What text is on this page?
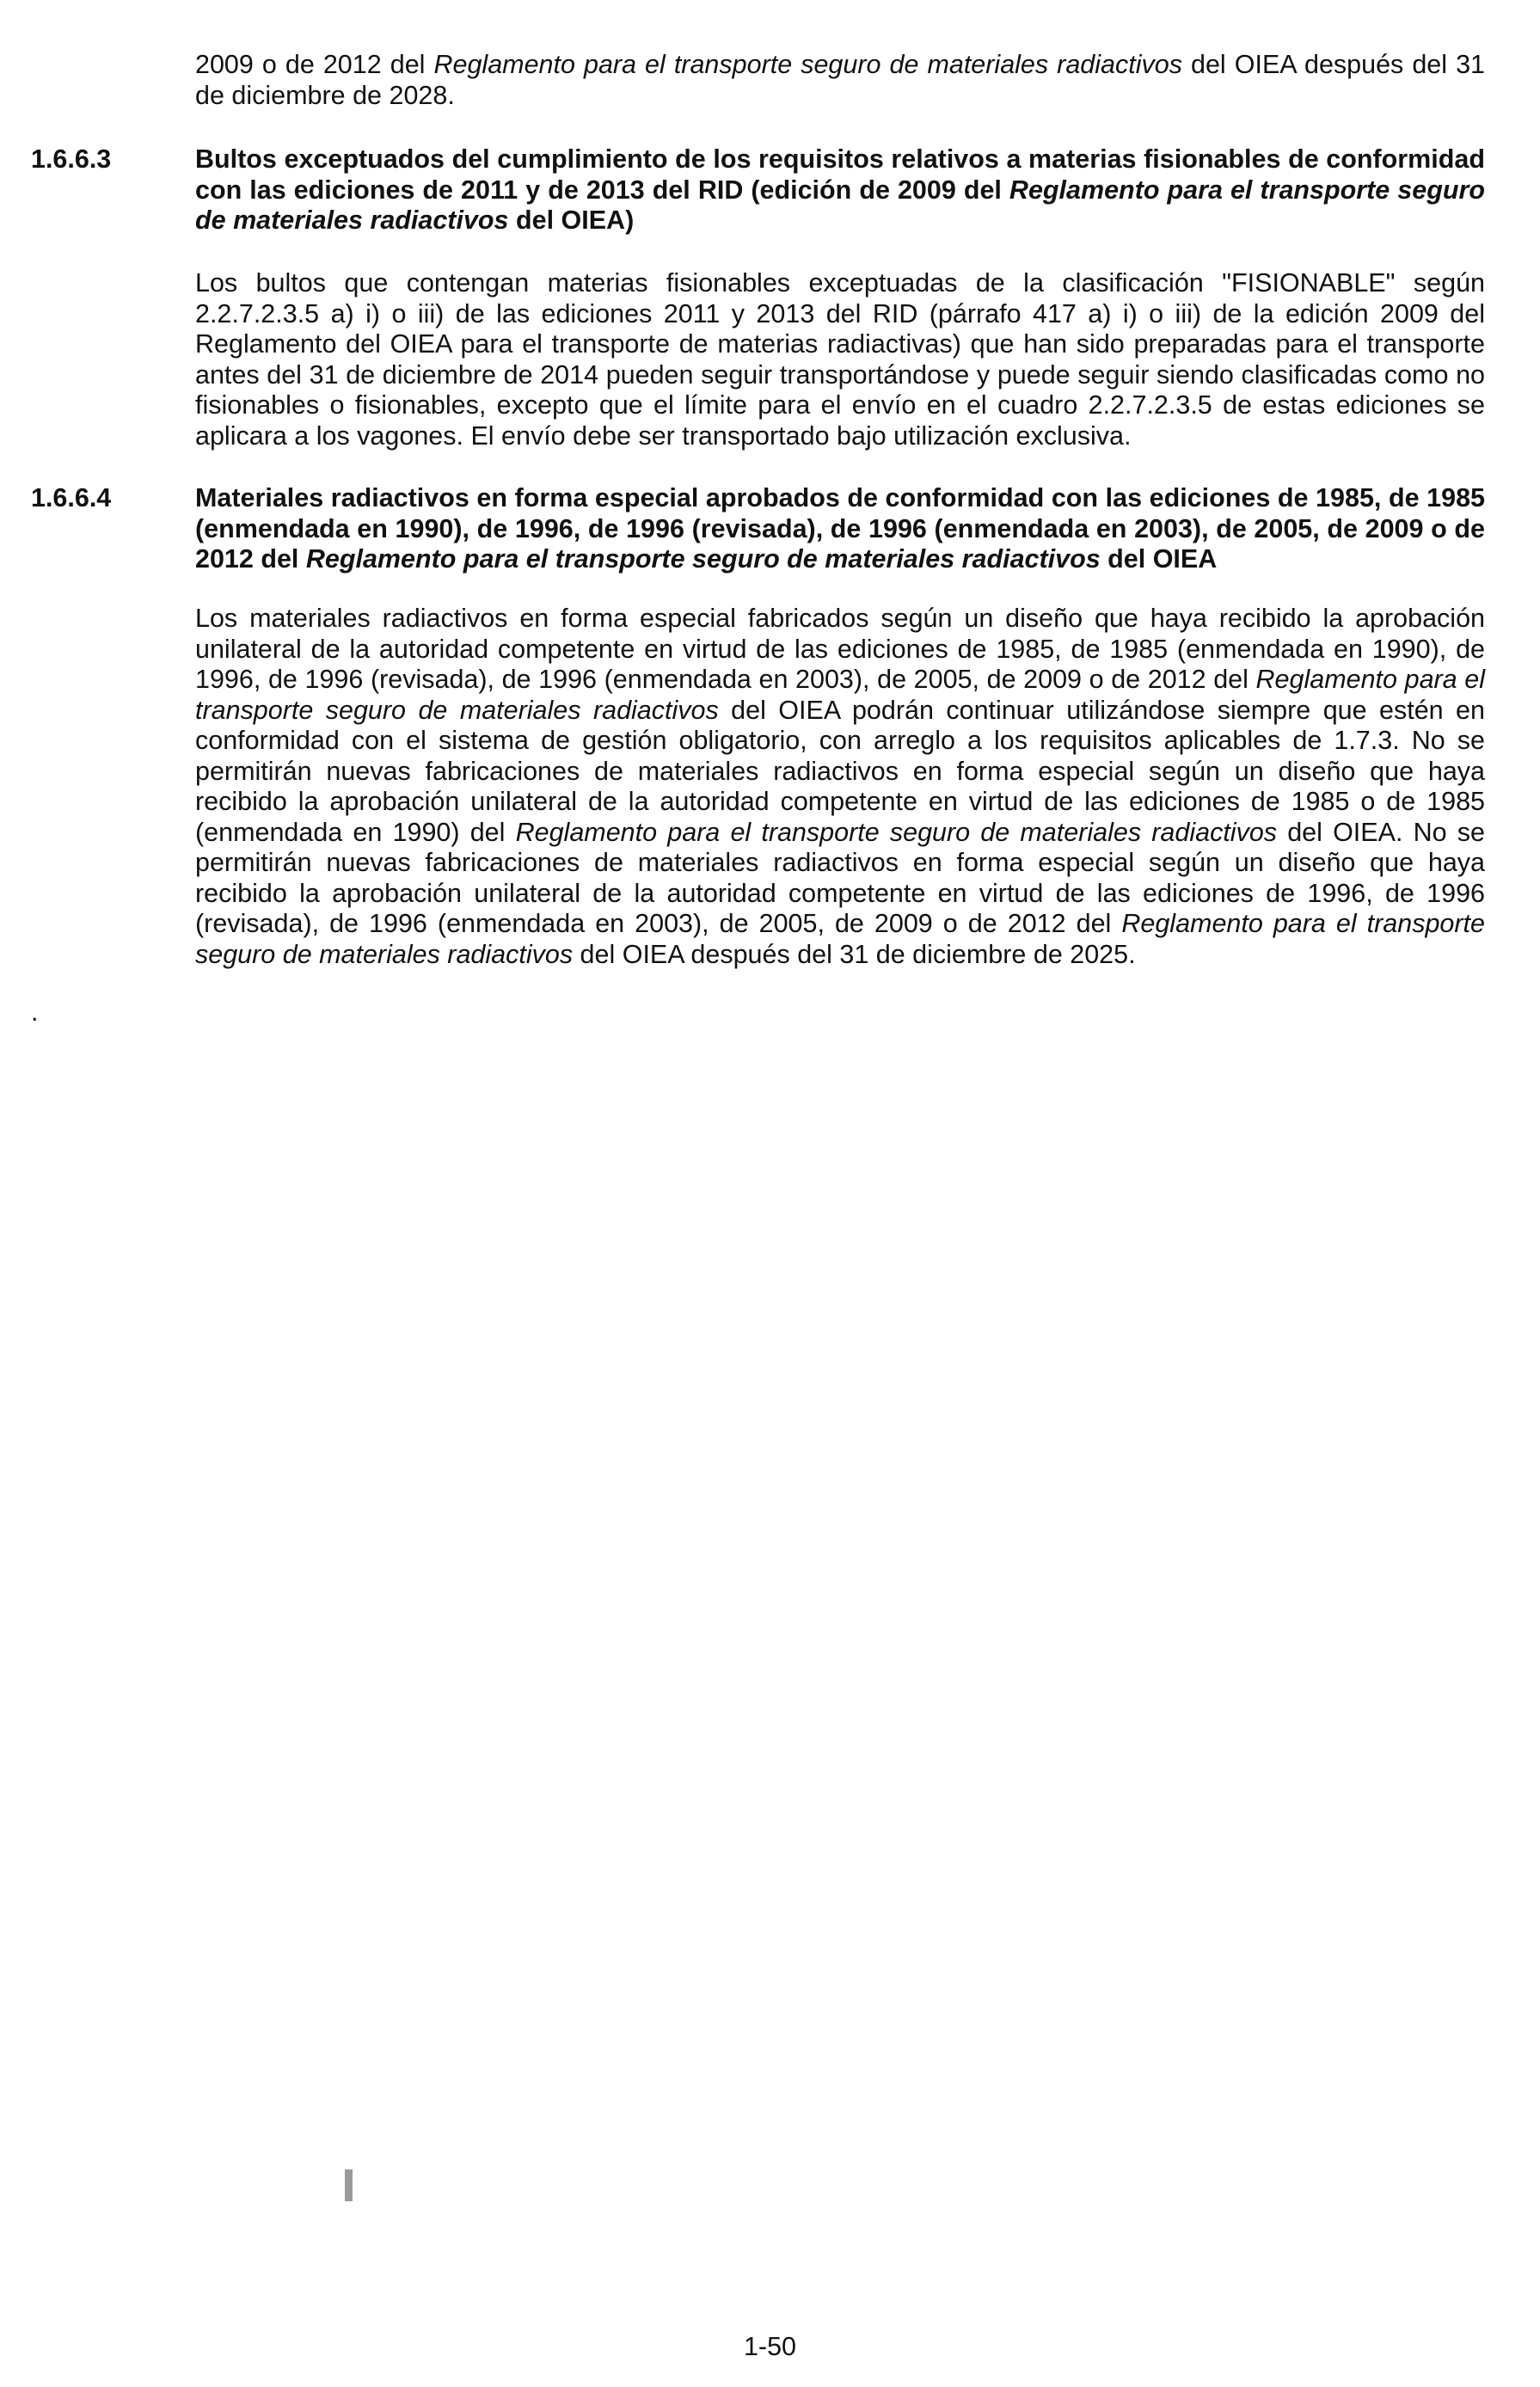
2009 o de 2012 del Reglamento para el transporte seguro de materiales radiactivos del OIEA después del 31 de diciembre de 2028.
1.6.6.3	Bultos exceptuados del cumplimiento de los requisitos relativos a materias fisionables de conformidad con las ediciones de 2011 y de 2013 del RID (edición de 2009 del Reglamento para el transporte seguro de materiales radiactivos del OIEA)
Los bultos que contengan materias fisionables exceptuadas de la clasificación "FISIONABLE" según 2.2.7.2.3.5 a) i) o iii) de las ediciones 2011 y 2013 del RID (párrafo 417 a) i) o iii) de la edición 2009 del Reglamento del OIEA para el transporte de materias radiactivas) que han sido preparadas para el transporte antes del 31 de diciembre de 2014 pueden seguir transportándose y puede seguir siendo clasificadas como no fisionables o fisionables, excepto que el límite para el envío en el cuadro 2.2.7.2.3.5 de estas ediciones se aplicara a los vagones. El envío debe ser transportado bajo utilización exclusiva.
1.6.6.4	Materiales radiactivos en forma especial aprobados de conformidad con las ediciones de 1985, de 1985 (enmendada en 1990), de 1996, de 1996 (revisada), de 1996 (enmendada en 2003), de 2005, de 2009 o de 2012 del Reglamento para el transporte seguro de materiales radiactivos del OIEA
Los materiales radiactivos en forma especial fabricados según un diseño que haya recibido la aprobación unilateral de la autoridad competente en virtud de las ediciones de 1985, de 1985 (enmendada en 1990), de 1996, de 1996 (revisada), de 1996 (enmendada en 2003), de 2005, de 2009 o de 2012 del Reglamento para el transporte seguro de materiales radiactivos del OIEA podrán continuar utilizándose siempre que estén en conformidad con el sistema de gestión obligatorio, con arreglo a los requisitos aplicables de 1.7.3. No se permitirán nuevas fabricaciones de materiales radiactivos en forma especial según un diseño que haya recibido la aprobación unilateral de la autoridad competente en virtud de las ediciones de 1985 o de 1985 (enmendada en 1990) del Reglamento para el transporte seguro de materiales radiactivos del OIEA. No se permitirán nuevas fabricaciones de materiales radiactivos en forma especial según un diseño que haya recibido la aprobación unilateral de la autoridad competente en virtud de las ediciones de 1996, de 1996 (revisada), de 1996 (enmendada en 2003), de 2005, de 2009 o de 2012 del Reglamento para el transporte seguro de materiales radiactivos del OIEA después del 31 de diciembre de 2025.
.
1-50
